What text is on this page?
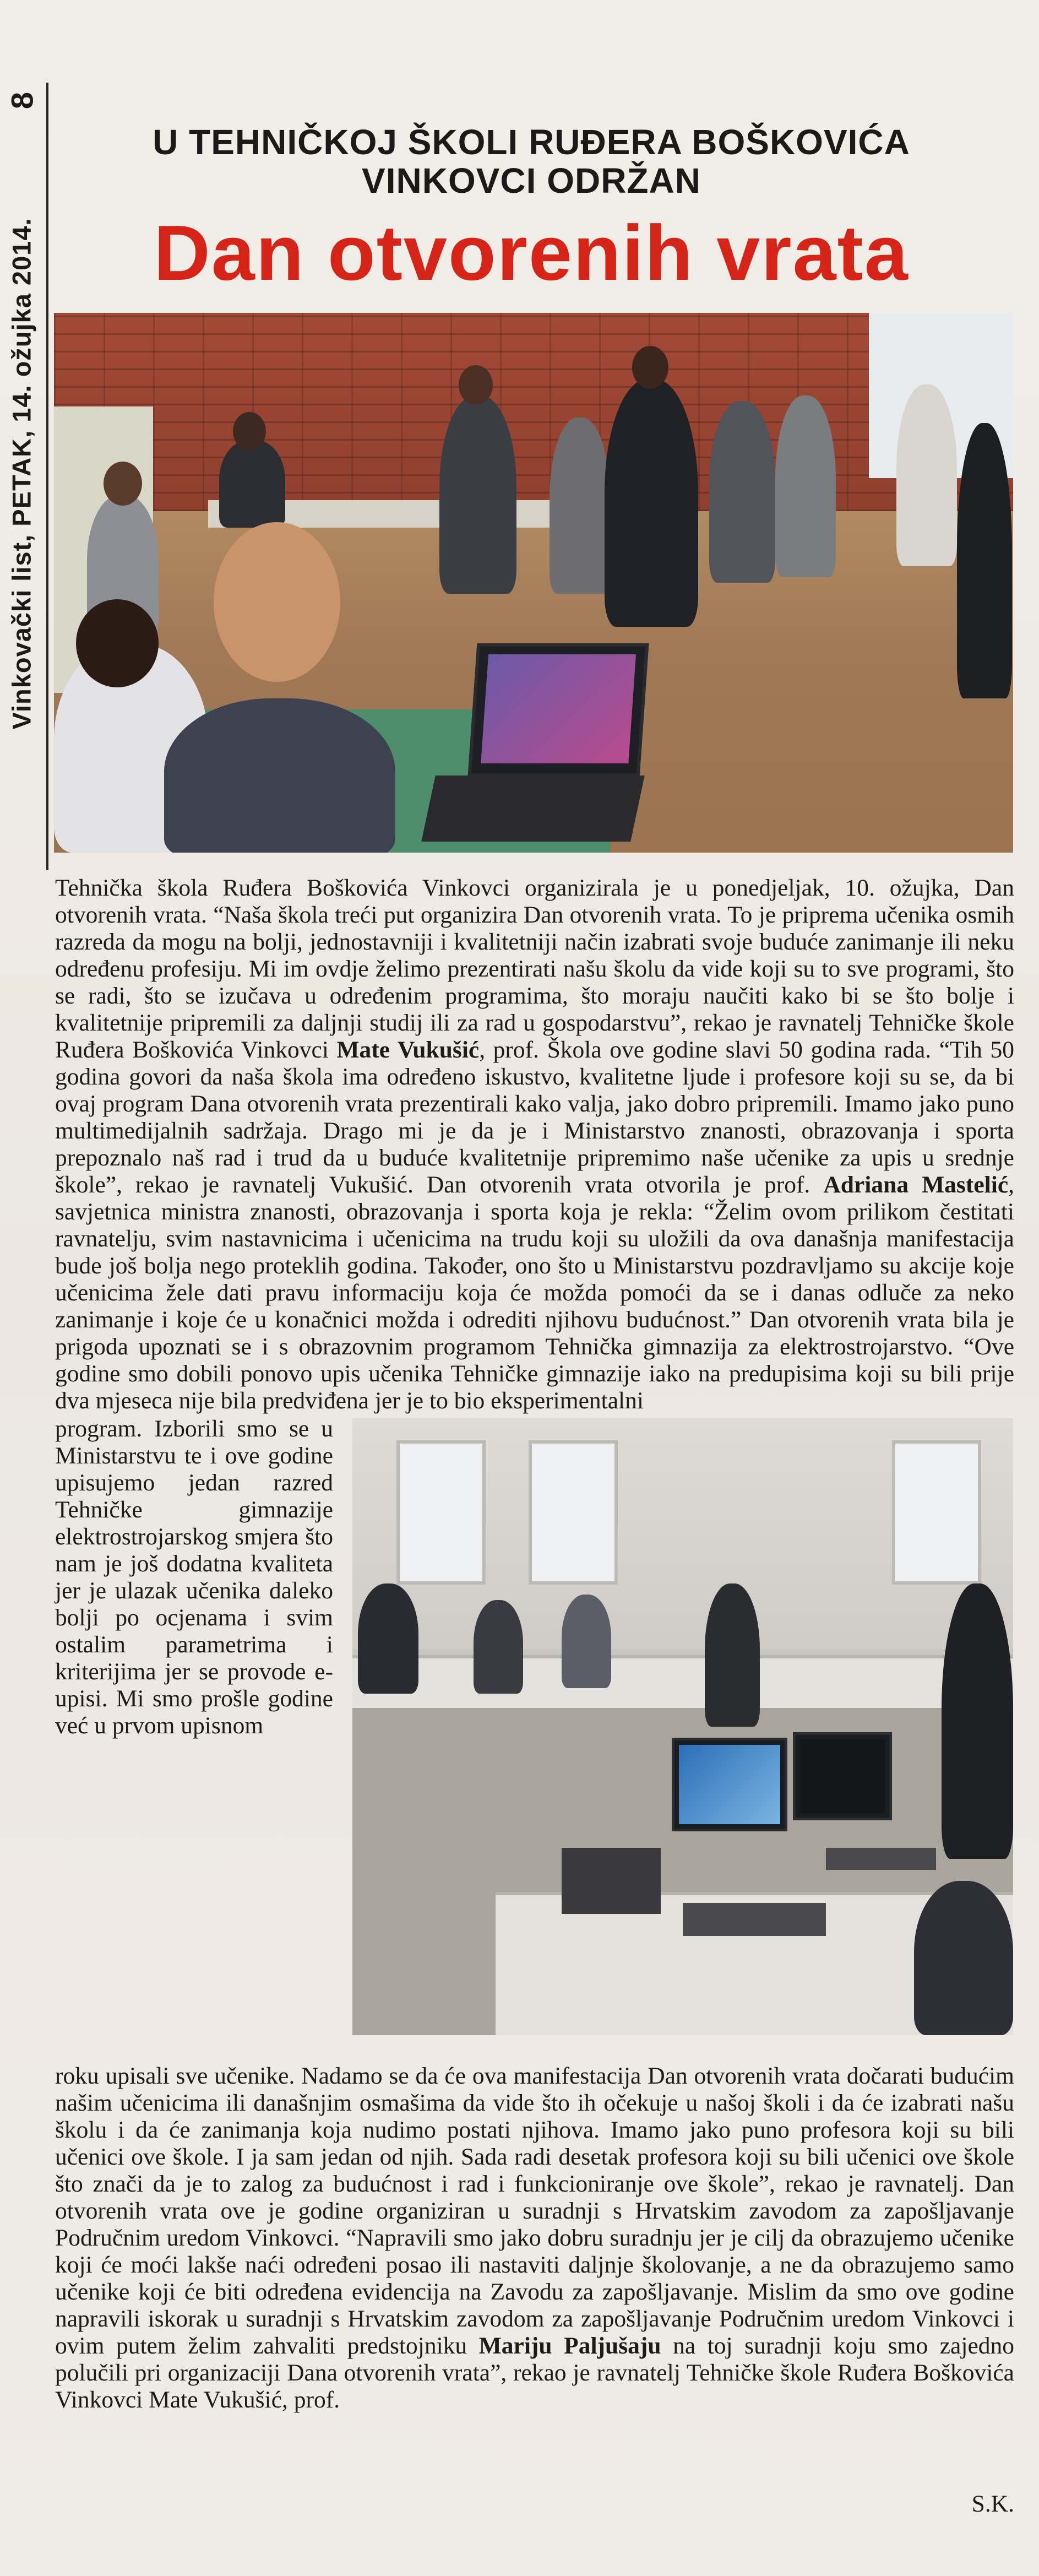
Vinkovački list, PETAK, 14. ožujka 2014.
8
U TEHNIČKOJ ŠKOLI RUĐERA BOŠKOVIĆA
VINKOVCI ODRŽAN
Dan otvorenih vrata

Tehnička škola Ruđera Boškovića Vinkovci organizirala je u ponedjeljak, 10. ožujka, Dan otvorenih vrata. “Naša škola treći put organizira Dan otvorenih vrata. To je priprema učenika osmih razreda da mogu na bolji, jednostavniji i kvalitetniji način izabrati svoje buduće zanimanje ili neku određenu profesiju. Mi im ovdje želimo prezentirati našu školu da vide koji su to sve programi, što se radi, što se izučava u određenim programima, što moraju naučiti kako bi se što bolje i kvalitetnije pripremili za daljnji studij ili za rad u gospodarstvu”, rekao je ravnatelj Tehničke škole Ruđera Boškovića Vinkovci Mate Vukušić, prof. Škola ove godine slavi 50 godina rada. “Tih 50 godina govori da naša škola ima određeno iskustvo, kvalitetne ljude i profesore koji su se, da bi ovaj program Dana otvorenih vrata prezentirali kako valja, jako dobro pripremili. Imamo jako puno multimedijalnih sadržaja. Drago mi je da je i Ministarstvo znanosti, obrazovanja i sporta prepoznalo naš rad i trud da u buduće kvalitetnije pripremimo naše učenike za upis u srednje škole”, rekao je ravnatelj Vukušić. Dan otvorenih vrata otvorila je prof. Adriana Mastelić, savjetnica ministra znanosti, obrazovanja i sporta koja je rekla: “Želim ovom prilikom čestitati ravnatelju, svim nastavnicima i učenicima na trudu koji su uložili da ova današnja manifestacija bude još bolja nego proteklih godina. Također, ono što u Ministarstvu pozdravljamo su akcije koje učenicima žele dati pravu informaciju koja će možda pomoći da se i danas odluče za neko zanimanje i koje će u konačnici možda i odrediti njihovu budućnost.” Dan otvorenih vrata bila je prigoda upoznati se i s obrazovnim programom Tehnička gimnazija za elektrostrojarstvo. “Ove godine smo dobili ponovo upis učenika Tehničke gimnazije iako na predupisima koji su bili prije dva mjeseca nije bila predviđena jer je to bio eksperimentalni

program. Izborili smo se u Ministarstvu te i ove godine upisujemo jedan razred Tehničke gimnazije elektrostrojarskog smjera što nam je još dodatna kvaliteta jer je ulazak učenika daleko bolji po ocjenama i svim ostalim parametrima i kriterijima jer se provode e-upisi. Mi smo prošle godine već u prvom upisnom

roku upisali sve učenike. Nadamo se da će ova manifestacija Dan otvorenih vrata dočarati budućim našim učenicima ili današnjim osmašima da vide što ih očekuje u našoj školi i da će izabrati našu školu i da će zanimanja koja nudimo postati njihova. Imamo jako puno profesora koji su bili učenici ove škole. I ja sam jedan od njih. Sada radi desetak profesora koji su bili učenici ove škole što znači da je to zalog za budućnost i rad i funkcioniranje ove škole”, rekao je ravnatelj. Dan otvorenih vrata ove je godine organiziran u suradnji s Hrvatskim zavodom za zapošljavanje Područnim uredom Vinkovci. “Napravili smo jako dobru suradnju jer je cilj da obrazujemo učenike koji će moći lakše naći određeni posao ili nastaviti daljnje školovanje, a ne da obrazujemo samo učenike koji će biti određena evidencija na Zavodu za zapošljavanje. Mislim da smo ove godine napravili iskorak u suradnji s Hrvatskim zavodom za zapošljavanje Područnim uredom Vinkovci i ovim putem želim zahvaliti predstojniku Mariju Paljušaju na toj suradnji koju smo zajedno polučili pri organizaciji Dana otvorenih vrata”, rekao je ravnatelj Tehničke škole Ruđera Boškovića Vinkovci Mate Vukušić, prof.

S.K.
